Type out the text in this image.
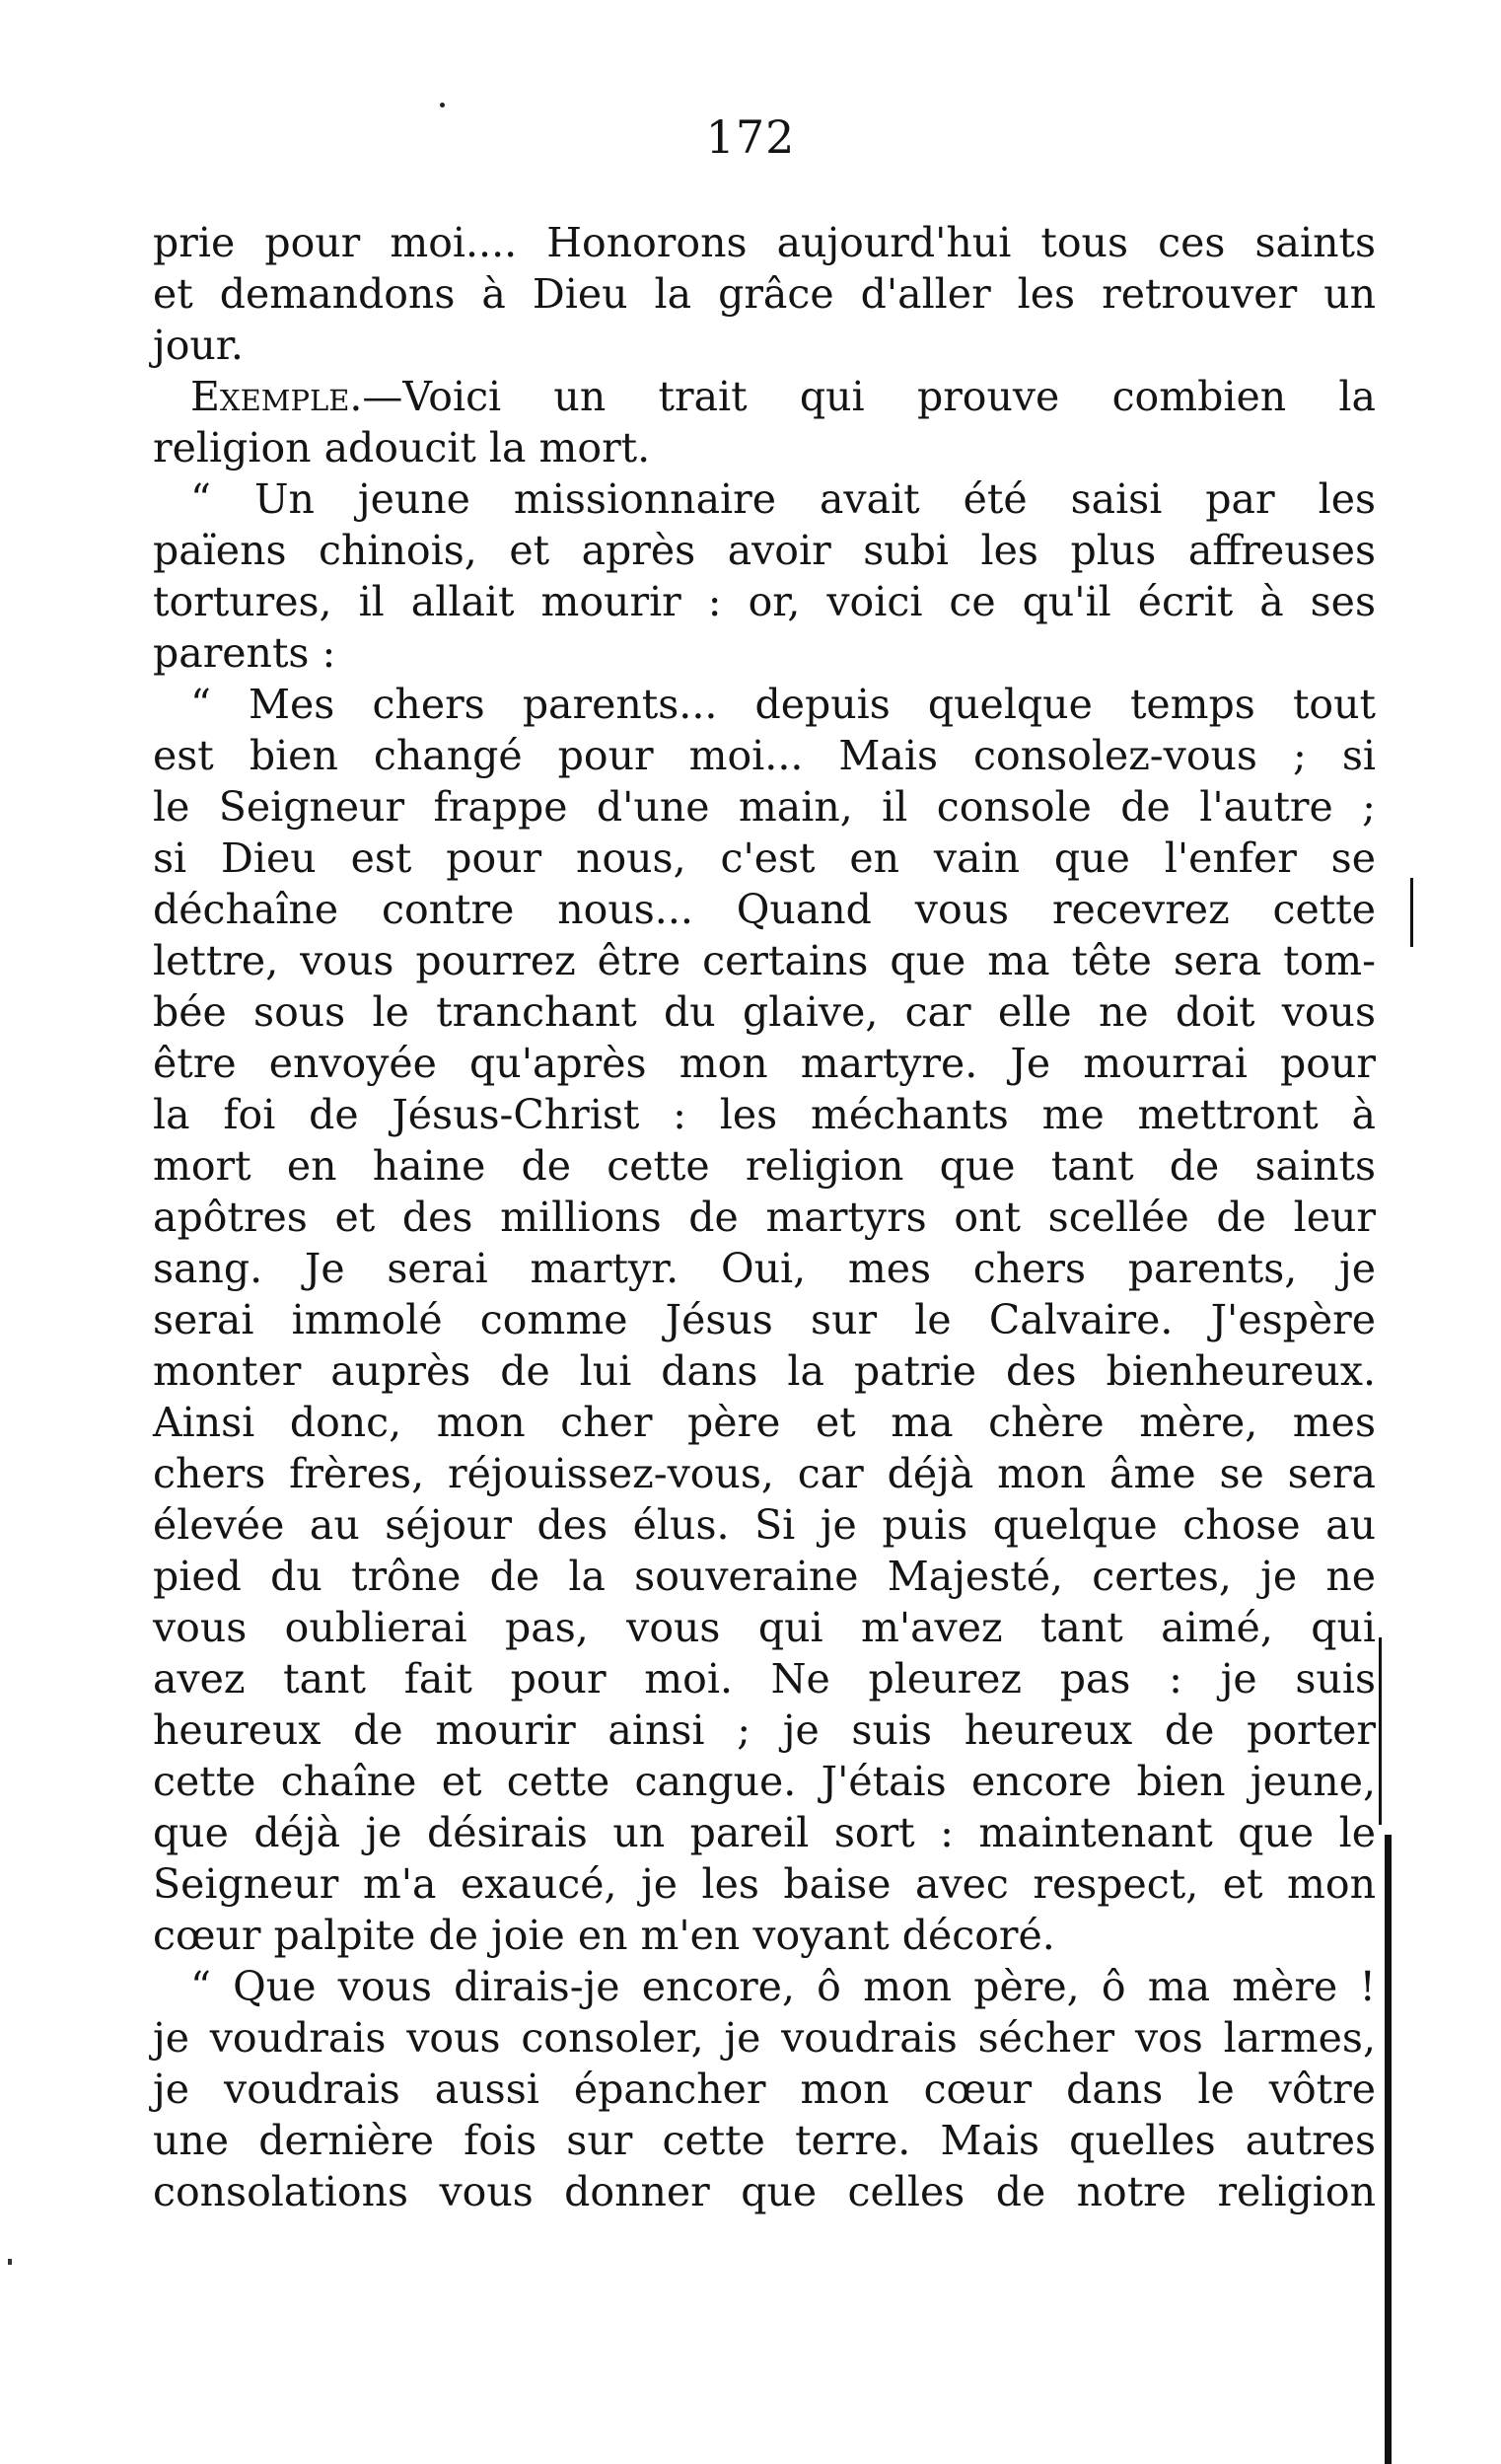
172
prie pour moi.... Honorons aujourd'hui tous ces saints
et demandons à Dieu la grâce d'aller les retrouver un
jour.
Exemple.—Voici un trait qui prouve combien la
religion adoucit la mort.
“ Un jeune missionnaire avait été saisi par les
païens chinois, et après avoir subi les plus affreuses
tortures, il allait mourir : or, voici ce qu'il écrit à ses
parents :
“ Mes chers parents... depuis quelque temps tout
est bien changé pour moi... Mais consolez-vous ; si
le Seigneur frappe d'une main, il console de l'autre ;
si Dieu est pour nous, c'est en vain que l'enfer se
déchaîne contre nous... Quand vous recevrez cette
lettre, vous pourrez être certains que ma tête sera tom-
bée sous le tranchant du glaive, car elle ne doit vous
être envoyée qu'après mon martyre. Je mourrai pour
la foi de Jésus-Christ : les méchants me mettront à
mort en haine de cette religion que tant de saints
apôtres et des millions de martyrs ont scellée de leur
sang. Je serai martyr. Oui, mes chers parents, je
serai immolé comme Jésus sur le Calvaire. J'espère
monter auprès de lui dans la patrie des bienheureux.
Ainsi donc, mon cher père et ma chère mère, mes
chers frères, réjouissez-vous, car déjà mon âme se sera
élevée au séjour des élus. Si je puis quelque chose au
pied du trône de la souveraine Majesté, certes, je ne
vous oublierai pas, vous qui m'avez tant aimé, qui
avez tant fait pour moi. Ne pleurez pas : je suis
heureux de mourir ainsi ; je suis heureux de porter
cette chaîne et cette cangue. J'étais encore bien jeune,
que déjà je désirais un pareil sort : maintenant que le
Seigneur m'a exaucé, je les baise avec respect, et mon
cœur palpite de joie en m'en voyant décoré.
“ Que vous dirais-je encore, ô mon père, ô ma mère !
je voudrais vous consoler, je voudrais sécher vos larmes,
je voudrais aussi épancher mon cœur dans le vôtre
une dernière fois sur cette terre. Mais quelles autres
consolations vous donner que celles de notre religion
